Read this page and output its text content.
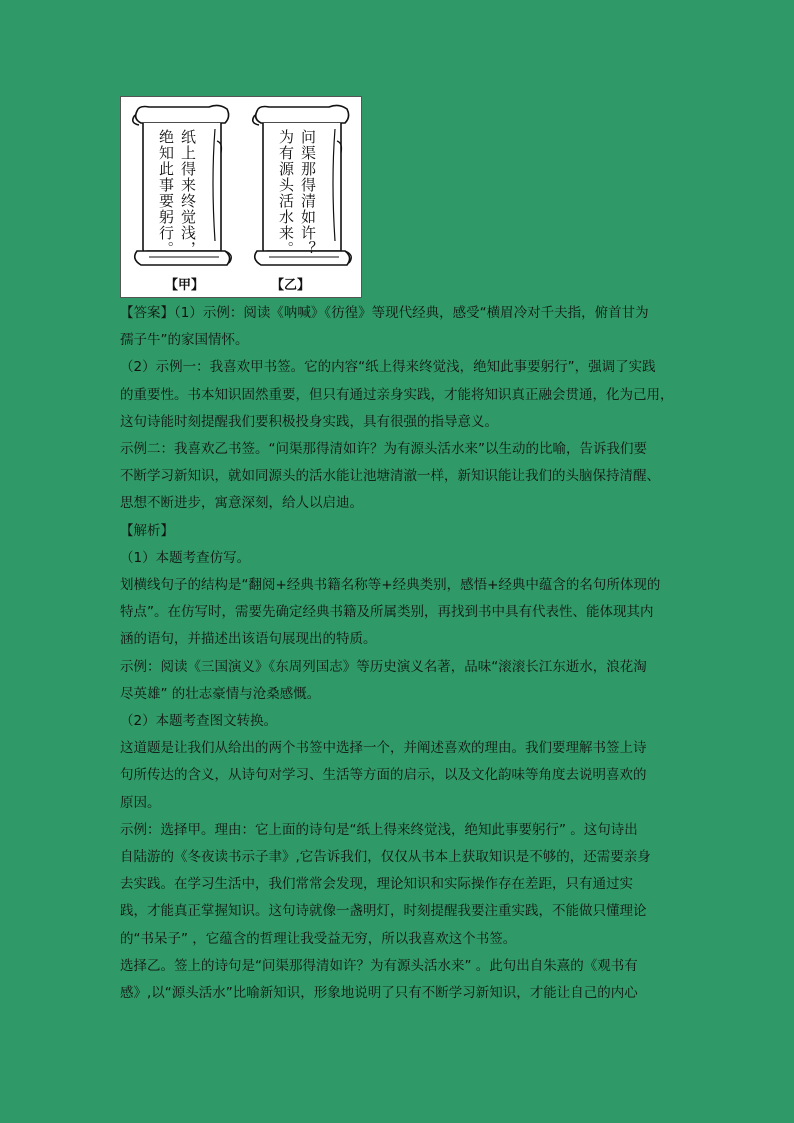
纸上得来终觉浅，
绝知此事要躬行。
【甲】
问渠那得清如许？
为有源头活水来。
【乙】

【答案】（1）示例：阅读《呐喊》《彷徨》等现代经典，感受“横眉冷对千夫指，俯首甘为

孺子牛”的家国情怀。

（2）示例一：我喜欢甲书签。它的内容“纸上得来终觉浅，绝知此事要躬行”，强调了实践

的重要性。书本知识固然重要，但只有通过亲身实践，才能将知识真正融会贯通，化为己用，

这句诗能时刻提醒我们要积极投身实践，具有很强的指导意义。

示例二：我喜欢乙书签。“问渠那得清如许？为有源头活水来”以生动的比喻，告诉我们要

不断学习新知识，就如同源头的活水能让池塘清澈一样，新知识能让我们的头脑保持清醒、

思想不断进步，寓意深刻，给人以启迪。

【解析】

（1）本题考查仿写。

划横线句子的结构是“翻阅+经典书籍名称等+经典类别，感悟+经典中蕴含的名句所体现的

特点”。在仿写时，需要先确定经典书籍及所属类别，再找到书中具有代表性、能体现其内

涵的语句，并描述出该语句展现出的特质。

示例：阅读《三国演义》《东周列国志》等历史演义名著，品味“滚滚长江东逝水，浪花淘

尽英雄” 的壮志豪情与沧桑感慨。

（2）本题考查图文转换。

这道题是让我们从给出的两个书签中选择一个，并阐述喜欢的理由。我们要理解书签上诗

句所传达的含义，从诗句对学习、生活等方面的启示，以及文化韵味等角度去说明喜欢的

原因。

示例：选择甲。理由：它上面的诗句是“纸上得来终觉浅，绝知此事要躬行” 。这句诗出

自陆游的《冬夜读书示子聿》,它告诉我们，仅仅从书本上获取知识是不够的，还需要亲身

去实践。在学习生活中，我们常常会发现，理论知识和实际操作存在差距，只有通过实

践，才能真正掌握知识。这句诗就像一盏明灯，时刻提醒我要注重实践，不能做只懂理论

的“书呆子” ，它蕴含的哲理让我受益无穷，所以我喜欢这个书签。

选择乙。签上的诗句是“问渠那得清如许？为有源头活水来” 。此句出自朱熹的《观书有

感》,以“源头活水”比喻新知识，形象地说明了只有不断学习新知识，才能让自己的内心
